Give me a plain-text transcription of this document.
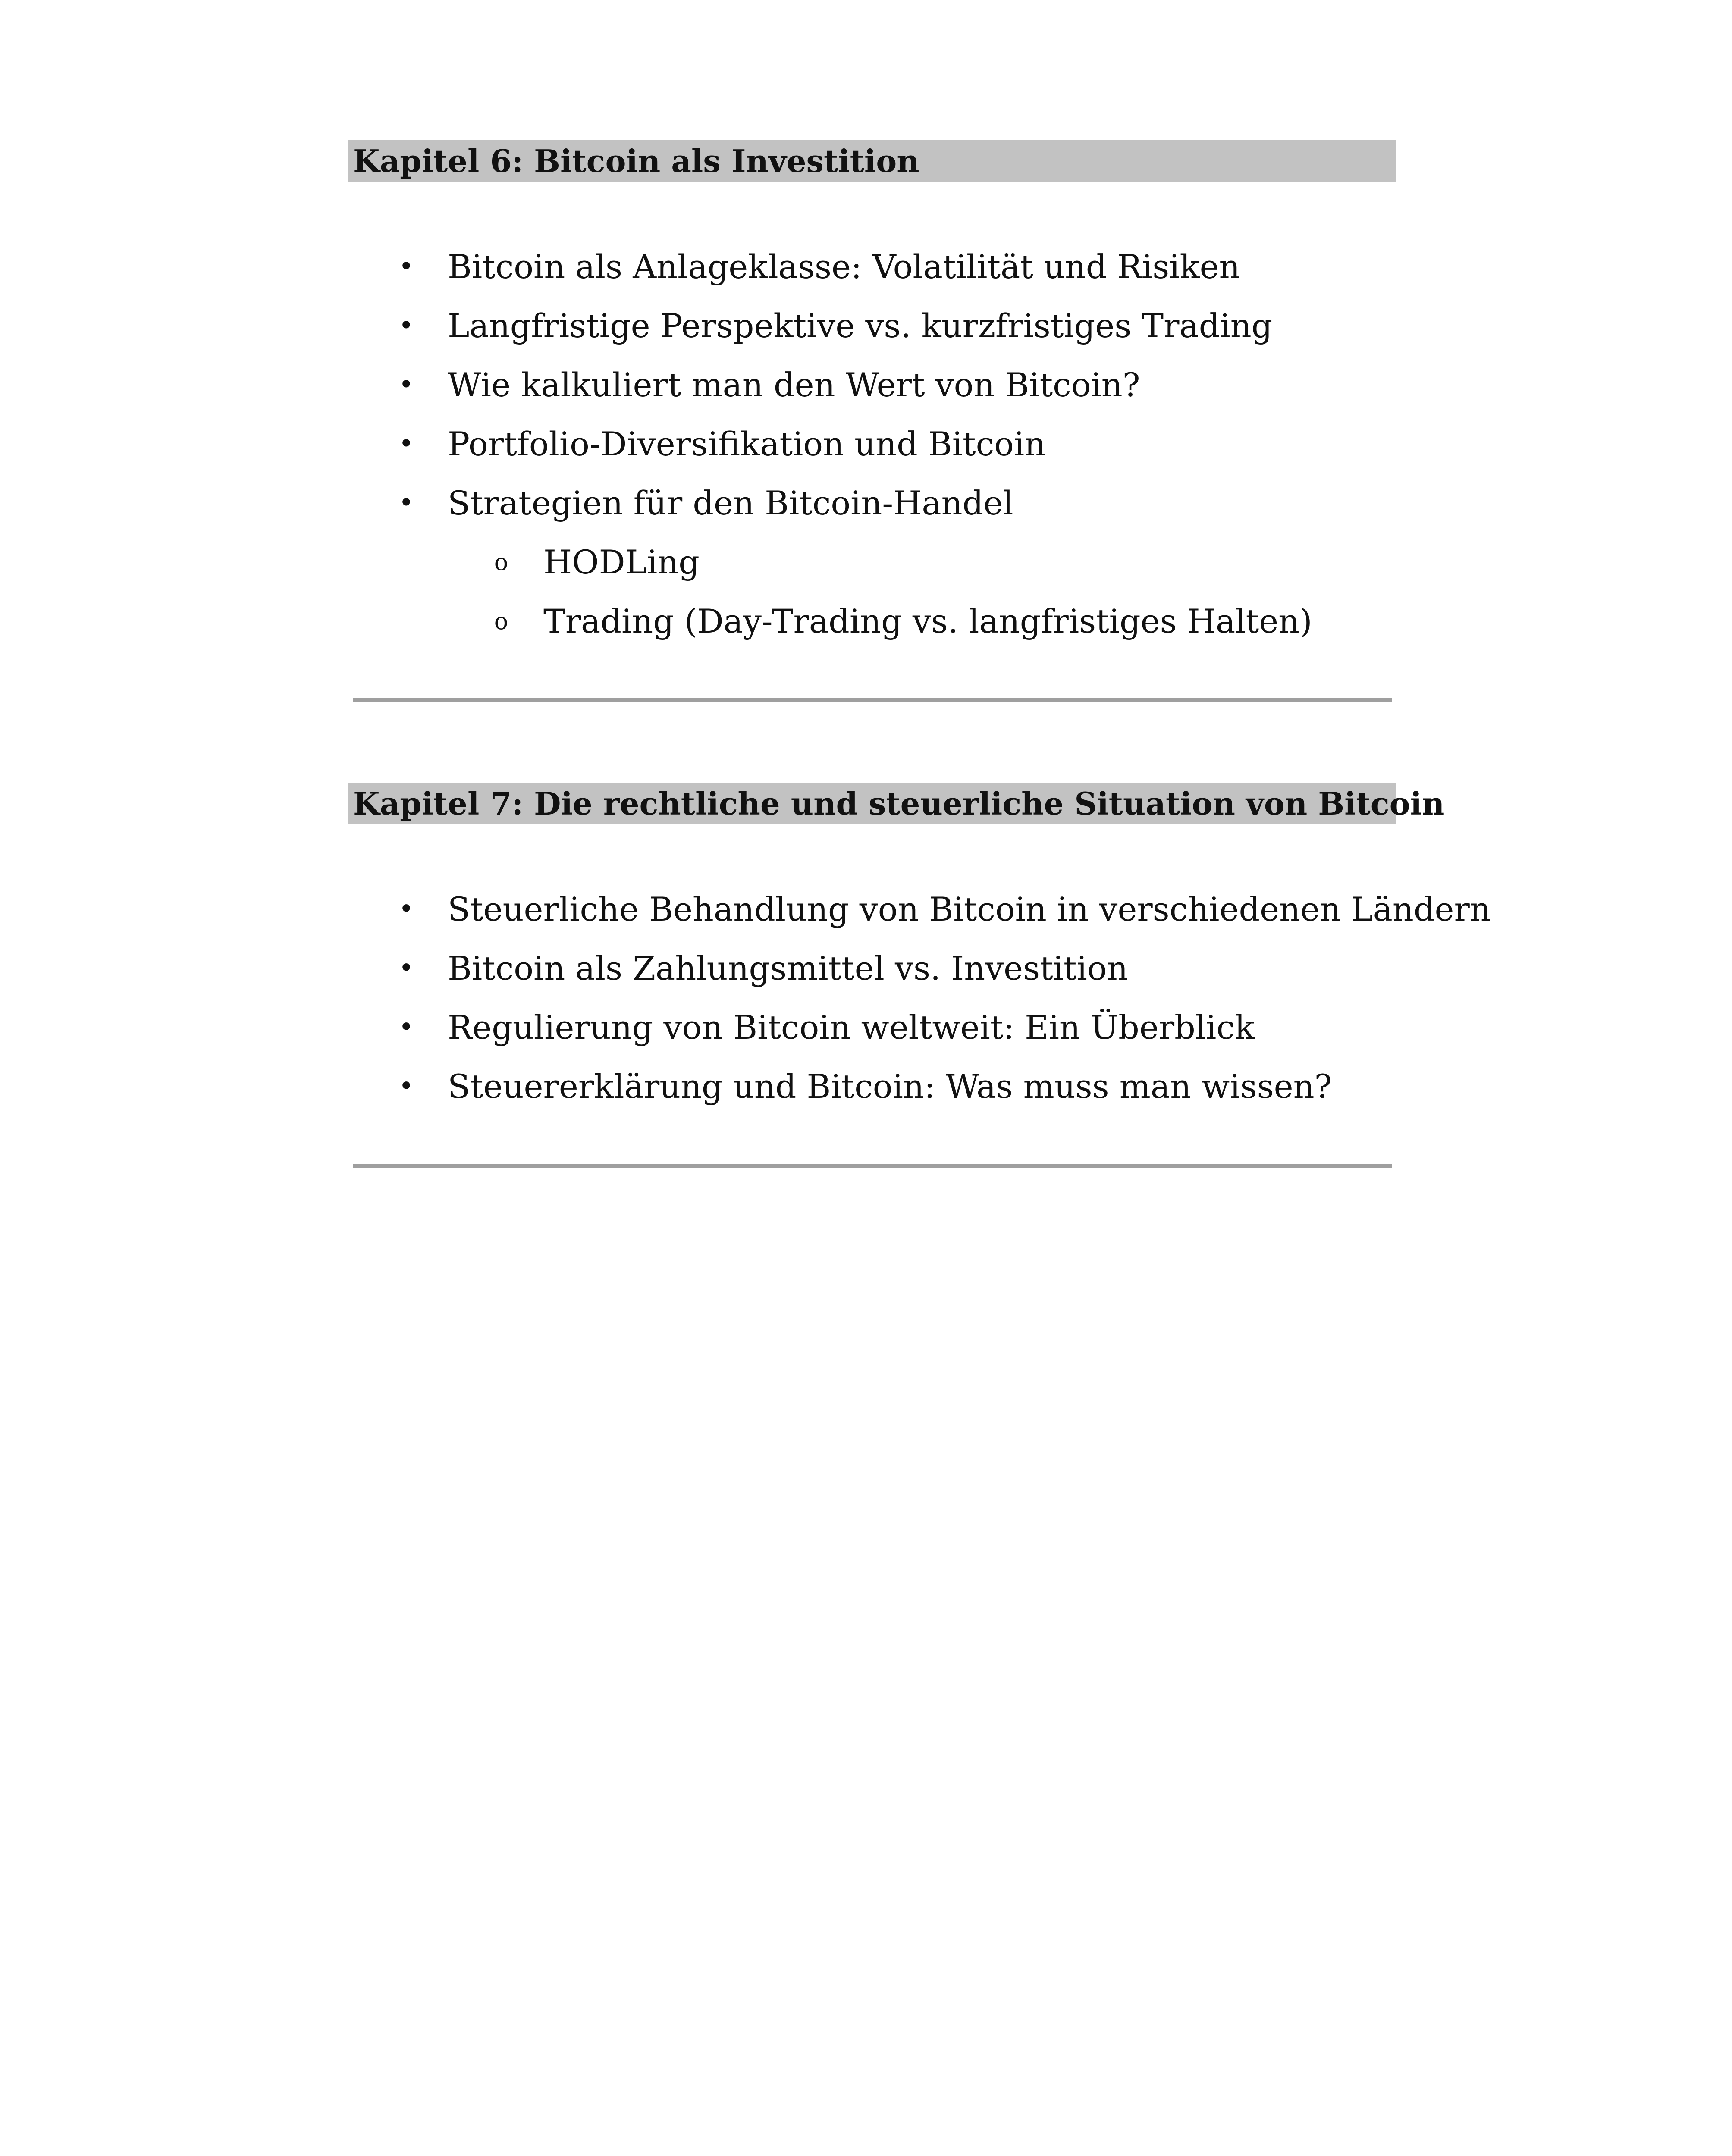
Kapitel 6: Bitcoin als Investition
• Bitcoin als Anlageklasse: Volatilität und Risiken
• Langfristige Perspektive vs. kurzfristiges Trading
• Wie kalkuliert man den Wert von Bitcoin?
• Portfolio-Diversifikation und Bitcoin
• Strategien für den Bitcoin-Handel
o HODLing
o Trading (Day-Trading vs. langfristiges Halten)
Kapitel 7: Die rechtliche und steuerliche Situation von Bitcoin
• Steuerliche Behandlung von Bitcoin in verschiedenen Ländern
• Bitcoin als Zahlungsmittel vs. Investition
• Regulierung von Bitcoin weltweit: Ein Überblick
• Steuererklärung und Bitcoin: Was muss man wissen?
